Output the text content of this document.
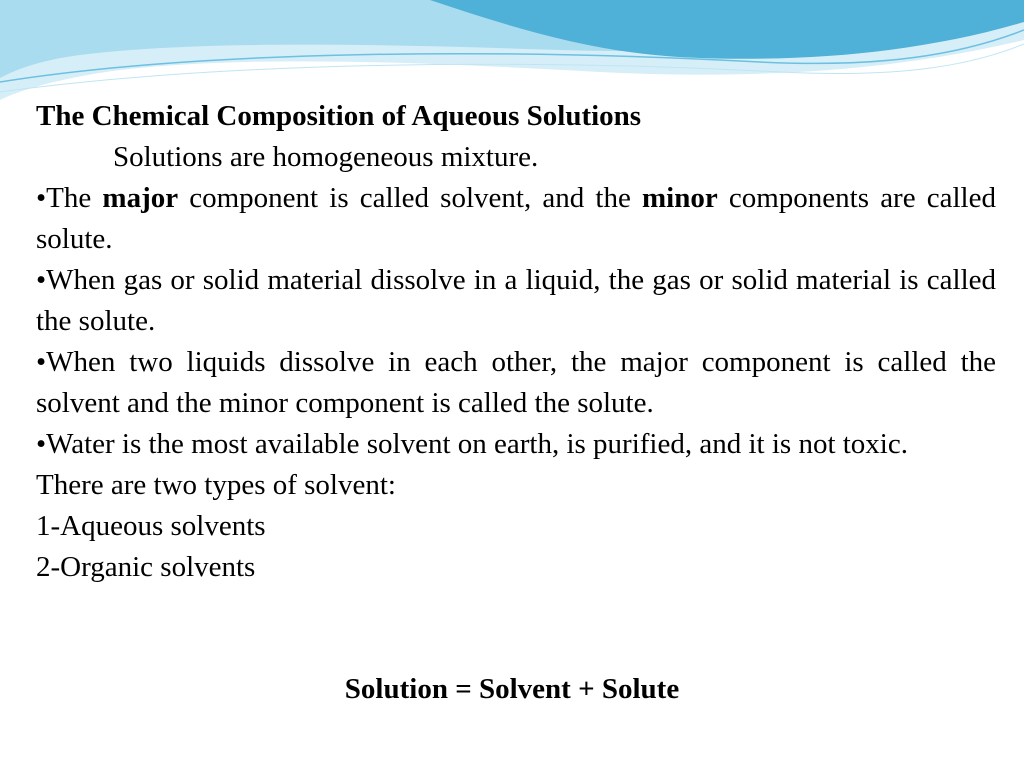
The Chemical Composition of Aqueous Solutions

Solutions are homogeneous mixture.

•The major component is called solvent, and the minor components are called solute.

•When gas or solid material dissolve in a liquid, the gas or solid material is called the solute.

•When two liquids dissolve in each other, the major component is called the solvent and the minor component is called the solute.

•Water is the most available solvent on earth, is purified, and it is not toxic.

There are two types of solvent:

1-Aqueous solvents

2-Organic solvents

Solution = Solvent + Solute
